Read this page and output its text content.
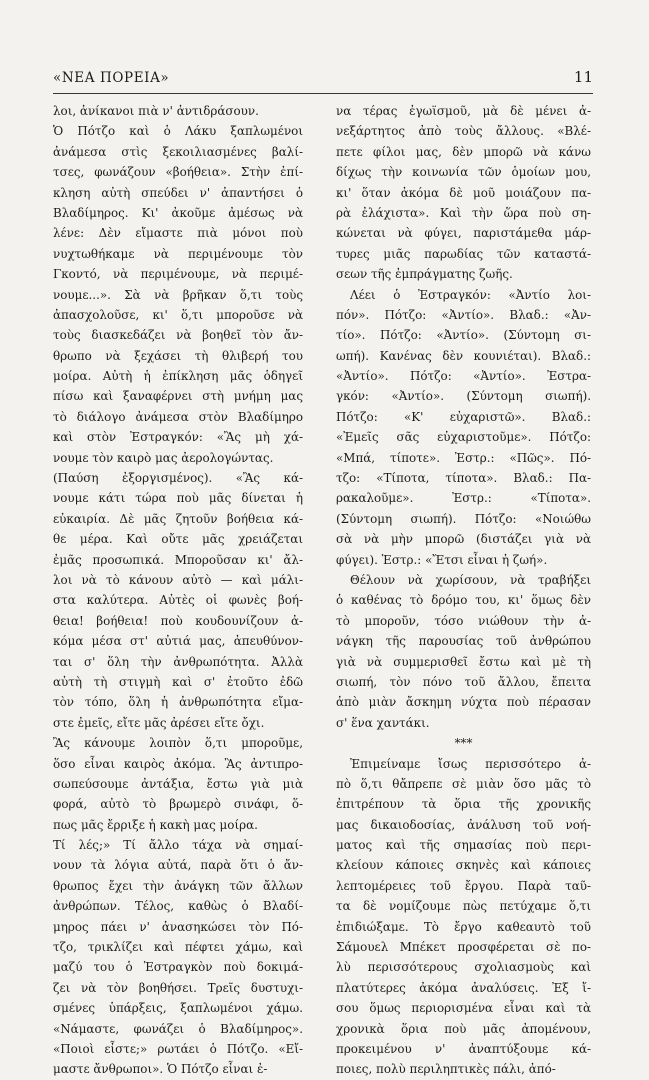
«ΝΕΑ ΠΟΡΕΙΑ»	11
λοι, ἀνίκανοι πιὰ ν' ἀντιδράσουν.
Ὁ Πότζο καὶ ὁ Λάκυ ξαπλωμένοι
ἀνάμεσα στὶς ξεκοιλιασμένες βαλί-
τσες, φωνάζουν «βοήθεια». Στὴν ἐπί-
κληση αὐτὴ σπεύδει ν' ἀπαντήσει ὁ
Βλαδίμηρος. Κι' ἀκοῦμε ἀμέσως νὰ
λένε: Δὲν εἴμαστε πιὰ μόνοι ποὺ
νυχτωθήκαμε νὰ περιμένουμε τὸν
Γκοντό, νὰ περιμένουμε, νὰ περιμέ-
νουμε...». Σὰ νὰ βρῆκαν ὅ,τι τοὺς
ἀπασχολοῦσε, κι' ὅ,τι μποροῦσε νὰ
τοὺς διασκεδάζει νὰ βοηθεῖ τὸν ἄν-
θρωπο νὰ ξεχάσει τὴ θλιβερή του
μοίρα. Αὐτὴ ἡ ἐπίκληση μᾶς ὁδηγεῖ
πίσω καὶ ξαναφέρνει στὴ μνήμη μας
τὸ διάλογο ἀνάμεσα στὸν Βλαδίμηρο
καὶ στὸν Ἐστραγκόν: «Ἂς μὴ χά-
νουμε τὸν καιρὸ μας ἀερολογώντας.
(Παύση ἐξοργισμένος). «Ἂς κά-
νουμε κάτι τώρα ποὺ μᾶς δίνεται ἡ
εὐκαιρία. Δὲ μᾶς ζητοῦν βοήθεια κά-
θε μέρα. Καὶ οὔτε μᾶς χρειάζεται
ἐμᾶς προσωπικά. Μποροῦσαν κι' ἄλ-
λοι νὰ τὸ κάνουν αὐτὸ — καὶ μάλι-
στα καλύτερα. Αὐτὲς οἱ φωνὲς βοή-
θεια! βοήθεια! ποὺ κουδουνίζουν ἀ-
κόμα μέσα στ' αὐτιά μας, ἀπευθύνον-
ται σ' ὅλη τὴν ἀνθρωπότητα. Ἀλλὰ
αὐτὴ τὴ στιγμὴ καὶ σ' ἐτοῦτο ἐδῶ
τὸν τόπο, ὅλη ἡ ἀνθρωπότητα εἴμα-
στε ἐμεῖς, εἴτε μᾶς ἀρέσει εἴτε ὄχι.
Ἂς κάνουμε λοιπὸν ὅ,τι μποροῦμε,
ὅσο εἶναι καιρὸς ἀκόμα. Ἂς ἀντιπρο-
σωπεύσουμε ἀντάξια, ἔστω γιὰ μιὰ
φορά, αὐτὸ τὸ βρωμερὸ σινάφι, ὅ-
πως μᾶς ἔρριξε ἡ κακὴ μας μοίρα.
Τί λές;» Τί ἄλλο τάχα νὰ σημαί-
νουν τὰ λόγια αὐτά, παρὰ ὅτι ὁ ἄν-
θρωπος ἔχει τὴν ἀνάγκη τῶν ἄλλων
ἀνθρώπων. Τέλος, καθὼς ὁ Βλαδί-
μηρος πάει ν' ἀνασηκώσει τὸν Πό-
τζο, τρικλίζει καὶ πέφτει χάμω, καὶ
μαζύ του ὁ Ἐστραγκὸν ποὺ δοκιμά-
ζει νὰ τὸν βοηθήσει. Τρεῖς δυστυχι-
σμένες ὑπάρξεις, ξαπλωμένοι χάμω.
«Νάμαστε, φωνάζει ὁ Βλαδίμηρος».
«Ποιοὶ εἶστε;» ρωτάει ὁ Πότζο. «Εἴ-
μαστε ἄνθρωποι». Ὁ Πότζο εἶναι ἐ-
να τέρας ἐγωϊσμοῦ, μὰ δὲ μένει ἀ-
νεξάρτητος ἀπὸ τοὺς ἄλλους. «Βλέ-
πετε φίλοι μας, δὲν μπορῶ νὰ κάνω
δίχως τὴν κοινωνία τῶν ὁμοίων μου,
κι' ὅταν ἀκόμα δὲ μοῦ μοιάζουν πα-
ρὰ ἐλάχιστα». Καὶ τὴν ὥρα ποὺ ση-
κώνεται νὰ φύγει, παριστάμεθα μάρ-
τυρες μιᾶς παρωδίας τῶν καταστά-
σεων τῆς ἐμπράγματης ζωῆς.
Λέει ὁ Ἐστραγκόν: «Ἀντίο λοι-
πόν». Πότζο: «Ἀντίο». Βλαδ.: «Ἀν-
τίο». Πότζο: «Ἀντίο». (Σύντομη σι-
ωπή). Κανένας δὲν κουνιέται). Βλαδ.:
«Ἀντίο». Πότζο: «Ἀντίο». Ἐστρα-
γκόν: «Ἀντίο». (Σύντομη σιωπή).
Πότζο: «Κ' εὐχαριστῶ». Βλαδ.:
«Ἐμεῖς σᾶς εὐχαριστοῦμε». Πότζο:
«Μπά, τίποτε». Ἐστρ.: «Πῶς». Πό-
τζο: «Τίποτα, τίποτα». Βλαδ.: Πα-
ρακαλοῦμε». Ἐστρ.: «Τίποτα».
(Σύντομη σιωπή). Πότζο: «Νοιώθω
σὰ νὰ μὴν μπορῶ (διστάζει γιὰ νὰ
φύγει). Ἐστρ.: «Ἔτσι εἶναι ἡ ζωή».
Θέλουν νὰ χωρίσουν, νὰ τραβήξει
ὁ καθένας τὸ δρόμο του, κι' ὅμως δὲν
τὸ μποροῦν, τόσο νιώθουν τὴν ἀ-
νάγκη τῆς παρουσίας τοῦ ἀνθρώπου
γιὰ νὰ συμμερισθεῖ ἔστω καὶ μὲ τὴ
σιωπή, τὸν πόνο τοῦ ἄλλου, ἔπειτα
ἀπὸ μιὰν ἄσκημη νύχτα ποὺ πέρασαν
σ' ἕνα χαντάκι.
***
Ἐπιμείναμε ἴσως περισσότερο ἀ-
πὸ ὅ,τι θἄπρεπε σὲ μιὰν ὅσο μᾶς τὸ
ἐπιτρέπουν τὰ ὅρια τῆς χρονικῆς
μας δικαιοδοσίας, ἀνάλυση τοῦ νοή-
ματος καὶ τῆς σημασίας ποὺ περι-
κλείουν κάποιες σκηνὲς καὶ κάποιες
λεπτομέρειες τοῦ ἔργου. Παρὰ ταῦ-
τα δὲ νομίζουμε πὼς πετύχαμε ὅ,τι
ἐπιδιώξαμε. Τὸ ἔργο καθεαυτὸ τοῦ
Σάμουελ Μπέκετ προσφέρεται σὲ πο-
λὺ περισσότερους σχολιασμοὺς καὶ
πλατύτερες ἀκόμα ἀναλύσεις. Ἐξ ἴ-
σου ὅμως περιορισμένα εἶναι καὶ τὰ
χρονικὰ ὅρια ποὺ μᾶς ἀπομένουν,
προκειμένου ν' ἀναπτύξουμε κά-
ποιες, πολὺ περιληπτικὲς πάλι, ἀπό-
